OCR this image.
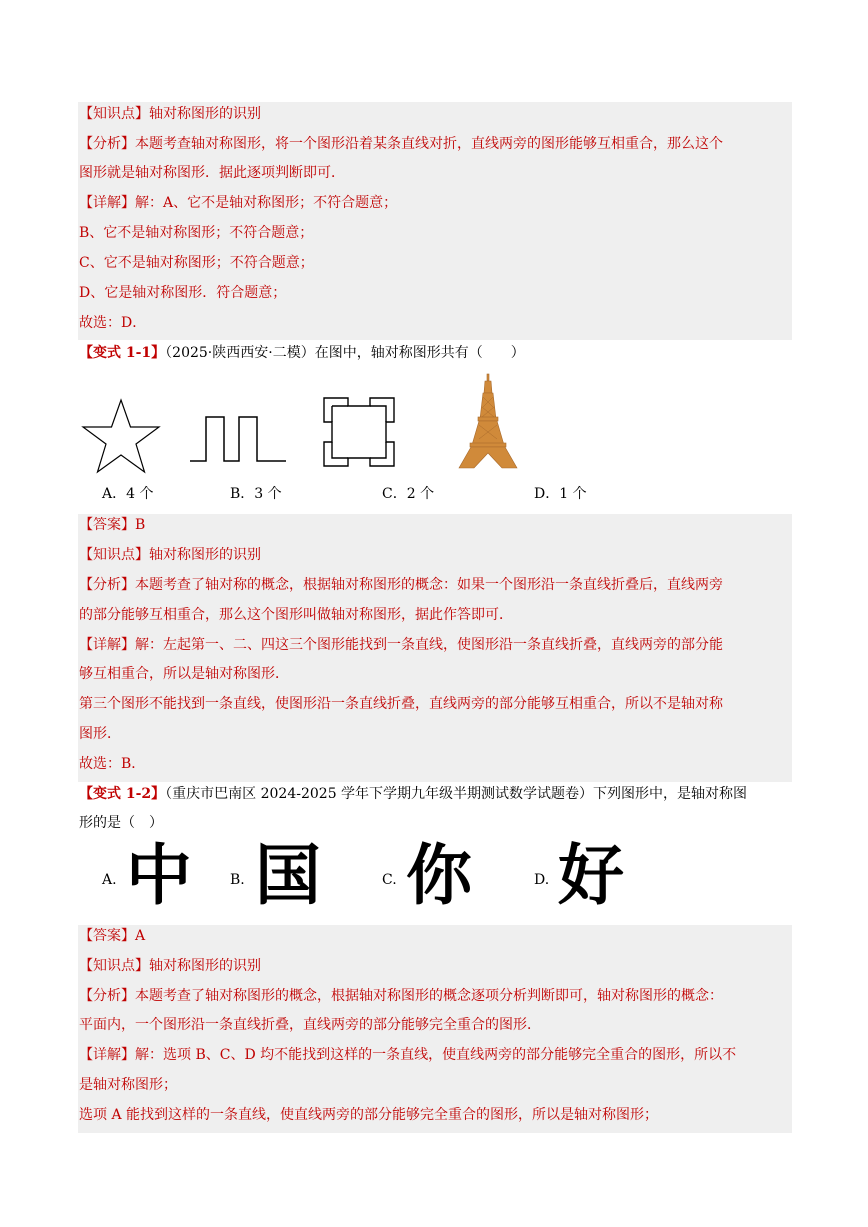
【知识点】轴对称图形的识别
【分析】本题考查轴对称图形，将一个图形沿着某条直线对折，直线两旁的图形能够互相重合，那么这个
图形就是轴对称图形．据此逐项判断即可．
【详解】解：A、它不是轴对称图形；不符合题意；
B、它不是轴对称图形；不符合题意；
C、它不是轴对称图形；不符合题意；
D、它是轴对称图形．符合题意；
故选：D．
【变式 1-1】（2025·陕西西安·二模）在图中，轴对称图形共有（　　）
A．4 个	B．3 个	C．2 个	D．1 个
【答案】B
【知识点】轴对称图形的识别
【分析】本题考查了轴对称的概念，根据轴对称图形的概念：如果一个图形沿一条直线折叠后，直线两旁
的部分能够互相重合，那么这个图形叫做轴对称图形，据此作答即可．
【详解】解：左起第一、二、四这三个图形能找到一条直线，使图形沿一条直线折叠，直线两旁的部分能
够互相重合，所以是轴对称图形．
第三个图形不能找到一条直线，使图形沿一条直线折叠，直线两旁的部分能够互相重合，所以不是轴对称
图形．
故选：B．
【变式 1-2】（重庆市巴南区 2024-2025 学年下学期九年级半期测试数学试题卷）下列图形中，是轴对称图
形的是（　）
A. 中	B. 国	C. 你	D. 好
【答案】A
【知识点】轴对称图形的识别
【分析】本题考查了轴对称图形的概念，根据轴对称图形的概念逐项分析判断即可，轴对称图形的概念：
平面内，一个图形沿一条直线折叠，直线两旁的部分能够完全重合的图形．
【详解】解：选项 B、C、D 均不能找到这样的一条直线，使直线两旁的部分能够完全重合的图形，所以不
是轴对称图形；
选项 A 能找到这样的一条直线，使直线两旁的部分能够完全重合的图形，所以是轴对称图形；
